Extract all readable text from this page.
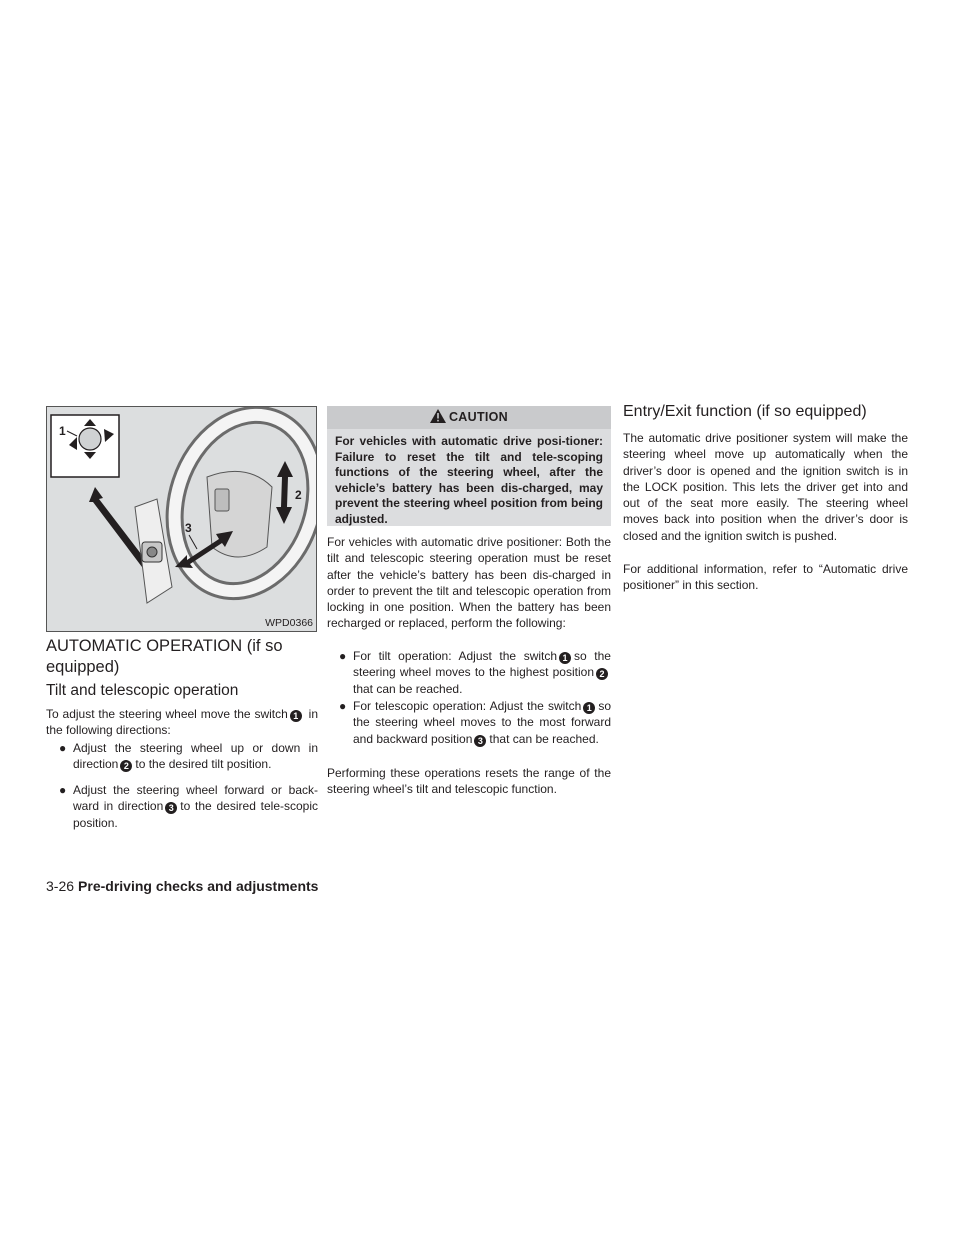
1
2
3
WPD0366
AUTOMATIC OPERATION (if so equipped)
Tilt and telescopic operation

To adjust the steering wheel move the switch 1 in the following directions:

● Adjust the steering wheel up or down in direction 2 to the desired tilt position.

● Adjust the steering wheel forward or back-ward in direction 3 to the desired tele-scopic position.

CAUTION
For vehicles with automatic drive posi-tioner: Failure to reset the tilt and tele-scoping functions of the steering wheel, after the vehicle’s battery has been dis-charged, may prevent the steering wheel position from being adjusted.

For vehicles with automatic drive positioner: Both the tilt and telescopic steering operation must be reset after the vehicle’s battery has been dis-charged in order to prevent the tilt and telescopic operation from locking in one position. When the battery has been recharged or replaced, perform the following:

● For tilt operation: Adjust the switch 1 so the steering wheel moves to the highest position 2that can be reached.

● For telescopic operation: Adjust the switch 1 so the steering wheel moves to the most forward and backward position 3 that can be reached.

Performing these operations resets the range of the steering wheel’s tilt and telescopic function.

Entry/Exit function (if so equipped)

The automatic drive positioner system will make the steering wheel move up automatically when the driver’s door is opened and the ignition switch is in the LOCK position. This lets the driver get into and out of the seat more easily. The steering wheel moves back into position when the driver’s door is closed and the ignition switch is pushed.

For additional information, refer to “Automatic drive positioner” in this section.

3-26 Pre-driving checks and adjustments
